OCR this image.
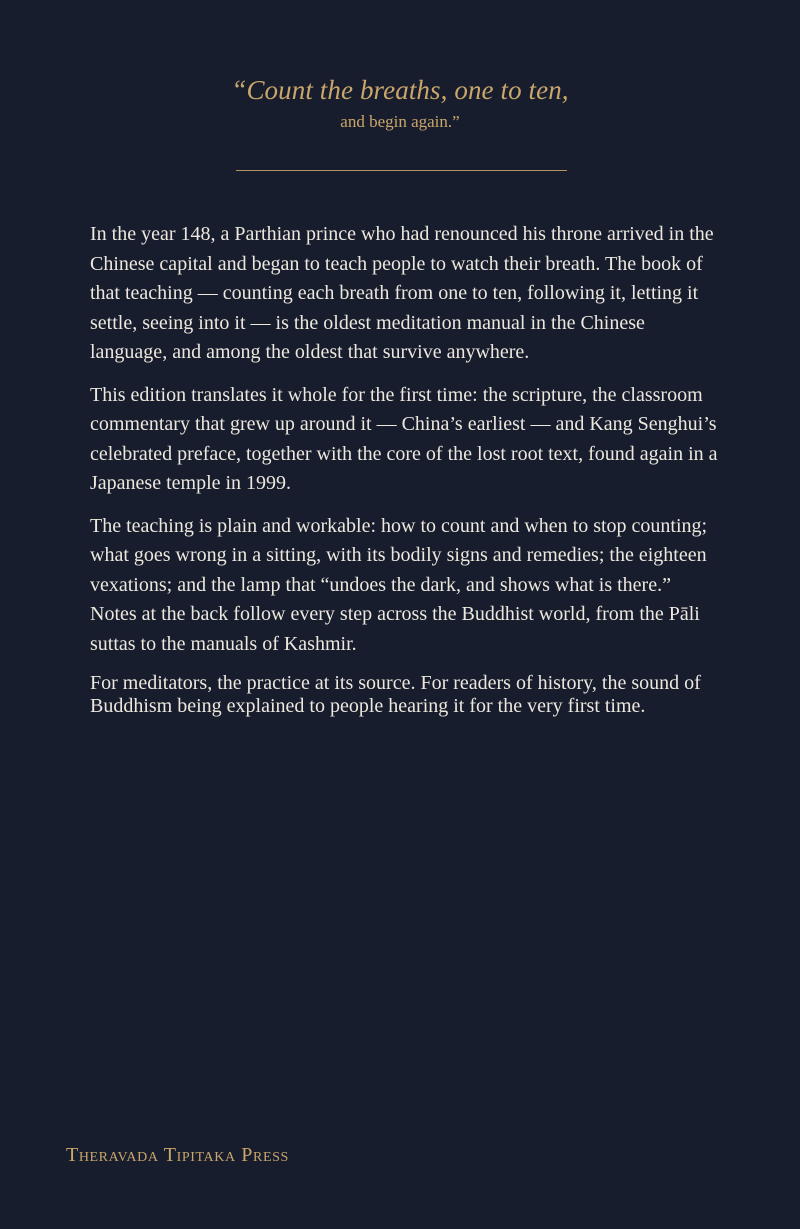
“Count the breaths, one to ten,
and begin again.”

In the year 148, a Parthian prince who had renounced his throne arrived in the Chinese capital and began to teach people to watch their breath. The book of that teaching — counting each breath from one to ten, following it, letting it settle, seeing into it — is the oldest meditation manual in the Chinese language, and among the oldest that survive anywhere.

This edition translates it whole for the first time: the scripture, the classroom commentary that grew up around it — China’s earliest — and Kang Senghui’s celebrated preface, together with the core of the lost root text, found again in a Japanese temple in 1999.

The teaching is plain and workable: how to count and when to stop counting; what goes wrong in a sitting, with its bodily signs and remedies; the eighteen vexations; and the lamp that “undoes the dark, and shows what is there.” Notes at the back follow every step across the Buddhist world, from the Pāli suttas to the manuals of Kashmir.

For meditators, the practice at its source. For readers of history, the sound of Buddhism being explained to people hearing it for the very first time.

Theravada Tipitaka Press
